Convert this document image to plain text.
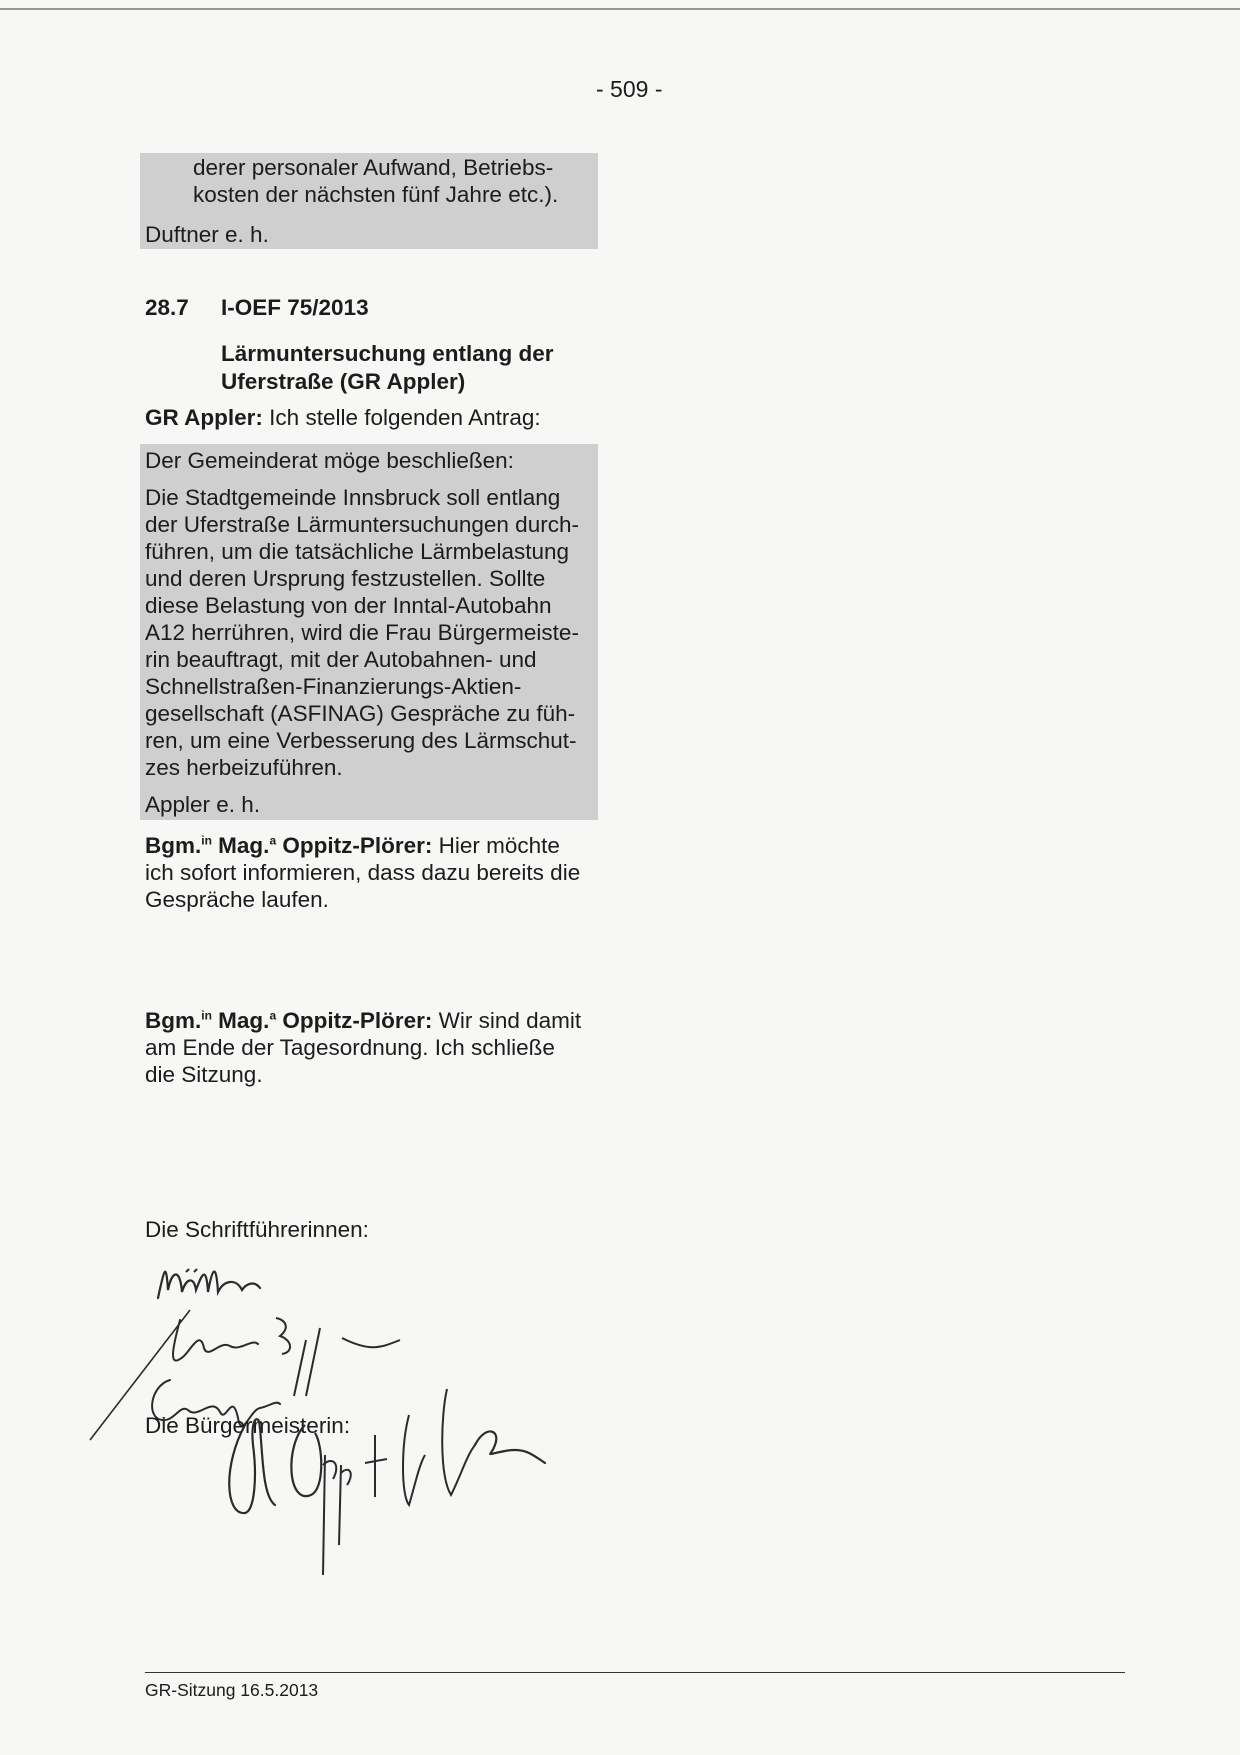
- 509 -

derer personaler Aufwand, Betriebs-

kosten der nächsten fünf Jahre etc.).

Duftner e. h.

28.7 I-OEF 75/2013
Lärmuntersuchung entlang der
Uferstraße (GR Appler)

GR Appler: Ich stelle folgenden Antrag:

Der Gemeinderat möge beschließen:

Die Stadtgemeinde Innsbruck soll entlang

der Uferstraße Lärmuntersuchungen durch-

führen, um die tatsächliche Lärmbelastung

und deren Ursprung festzustellen. Sollte

diese Belastung von der Inntal-Autobahn

A12 herrühren, wird die Frau Bürgermeiste-

rin beauftragt, mit der Autobahnen- und

Schnellstraßen-Finanzierungs-Aktien-

gesellschaft (ASFINAG) Gespräche zu füh-

ren, um eine Verbesserung des Lärmschut-

zes herbeizuführen.

Appler e. h.

Bgm.$^{in}$ Mag.$^a$ Oppitz-Plörer: Hier möchte

ich sofort informieren, dass dazu bereits die

Gespräche laufen.

Bgm.$^{in}$ Mag.$^a$ Oppitz-Plörer: Wir sind damit

am Ende der Tagesordnung. Ich schließe

die Sitzung.

Die Schriftführerinnen:

Die Bürgermeisterin:

GR-Sitzung 16.5.2013
